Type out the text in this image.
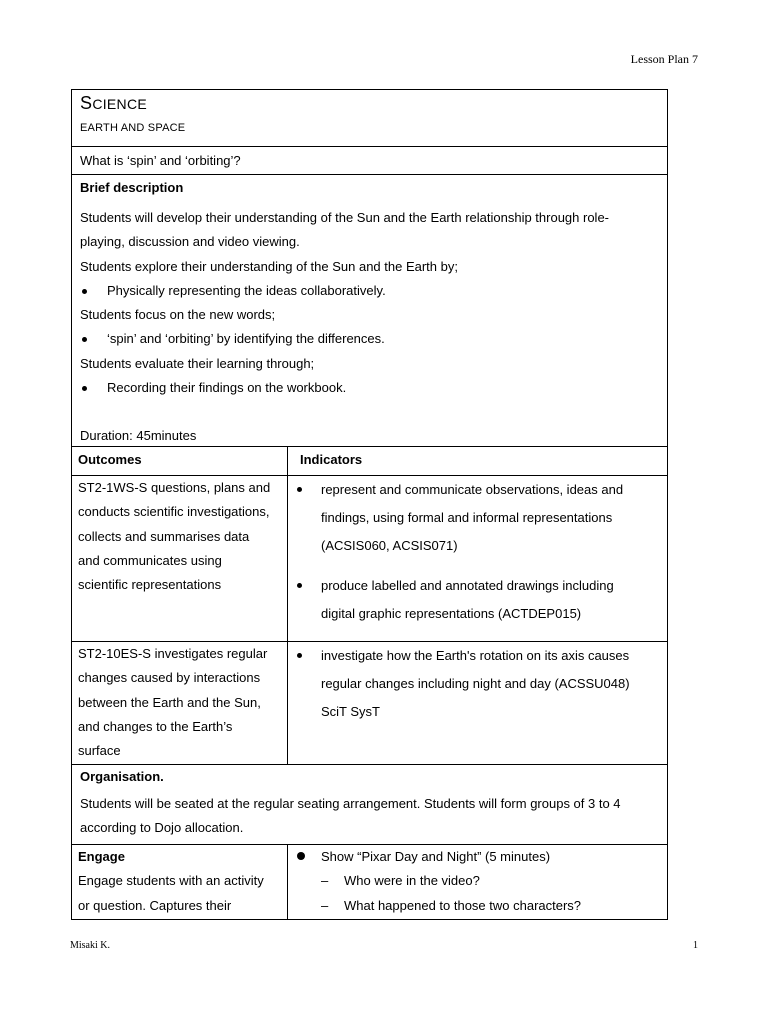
Lesson Plan 7
SCIENCE
EARTH AND SPACE
What is ‘spin’ and ‘orbiting’?
Brief description

Students will develop their understanding of the Sun and the Earth relationship through role-

playing, discussion and video viewing.

Students explore their understanding of the Sun and the Earth by;

Physically representing the ideas collaboratively.

Students focus on the new words;

‘spin’ and ‘orbiting’ by identifying the differences.

Students evaluate their learning through;

Recording their findings on the workbook.

Duration: 45minutes

Outcomes	Indicators
ST2-1WS-S questions, plans and
conducts scientific investigations,
collects and summarises data
and communicates using
scientific representations
represent and communicate observations, ideas and
findings, using formal and informal representations
(ACSIS060, ACSIS071)
produce labelled and annotated drawings including
digital graphic representations (ACTDEP015)
ST2-10ES-S investigates regular
changes caused by interactions
between the Earth and the Sun,
and changes to the Earth’s
surface
investigate how the Earth's rotation on its axis causes
regular changes including night and day (ACSSU048)
SciT SysT
Organisation.

Students will be seated at the regular seating arrangement. Students will form groups of 3 to 4

according to Dojo allocation.

Engage
Engage students with an activity
or question. Captures their
Show “Pixar Day and Night” (5 minutes)
– Who were in the video?
– What happened to those two characters?
Misaki K.	1
